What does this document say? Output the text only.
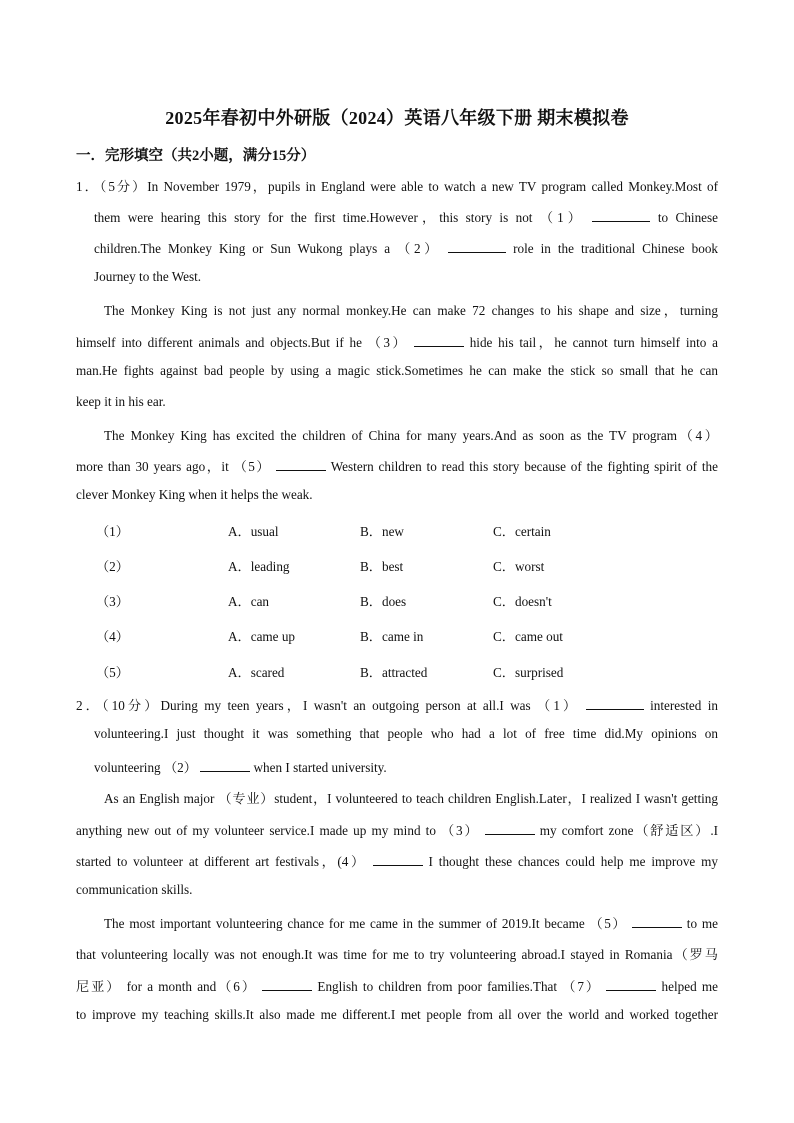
2025年春初中外研版（2024）英语八年级下册 期末模拟卷
一．完形填空（共2小题，满分15分）
1．（5分）In November 1979，pupils in England were able to watch a new TV program called Monkey.Most of
them were hearing this story for the first time.However，this story is not （1）	to Chinese
children.The Monkey King or Sun Wukong plays a （2）	role in the traditional Chinese book
Journey to the West.
The Monkey King is not just any normal monkey.He can make 72 changes to his shape and size，turning
himself into different animals and objects.But if he （3）	hide his tail，he cannot turn himself into a
man.He fights against bad people by using a magic stick.Sometimes he can make the stick so small that he can
keep it in his ear.
The Monkey King has excited the children of China for many years.And as soon as the TV program（4）
more than 30 years ago，it （5）	Western children to read this story because of the fighting spirit of the
clever Monkey King when it helps the weak.
（1）	A．usual	B．new	C．certain
（2）	A．leading	B．best	C．worst
（3）	A．can	B．does	C．doesn't
（4）	A．came up	B．came in	C．came out
（5）	A．scared	B．attracted	C．surprised
2．（10分）During my teen years，I wasn't an outgoing person at all.I was （1）	interested in
volunteering.I just thought it was something that people who had a lot of free time did.My opinions on
volunteering （2）	when I started university.
As an English major （专业）student，I volunteered to teach children English.Later，I realized I wasn't getting
anything new out of my volunteer service.I made up my mind to （3）	my comfort zone（舒适区）.I
started to volunteer at different art festivals，(4）	I thought these chances could help me improve my
communication skills.
The most important volunteering chance for me came in the summer of 2019.It became （5）	to me
that volunteering locally was not enough.It was time for me to try volunteering abroad.I stayed in Romania（罗马
尼亚） for a month and（6）	English to children from poor families.That （7）	helped me
to improve my teaching skills.It also made me different.I met people from all over the world and worked together
